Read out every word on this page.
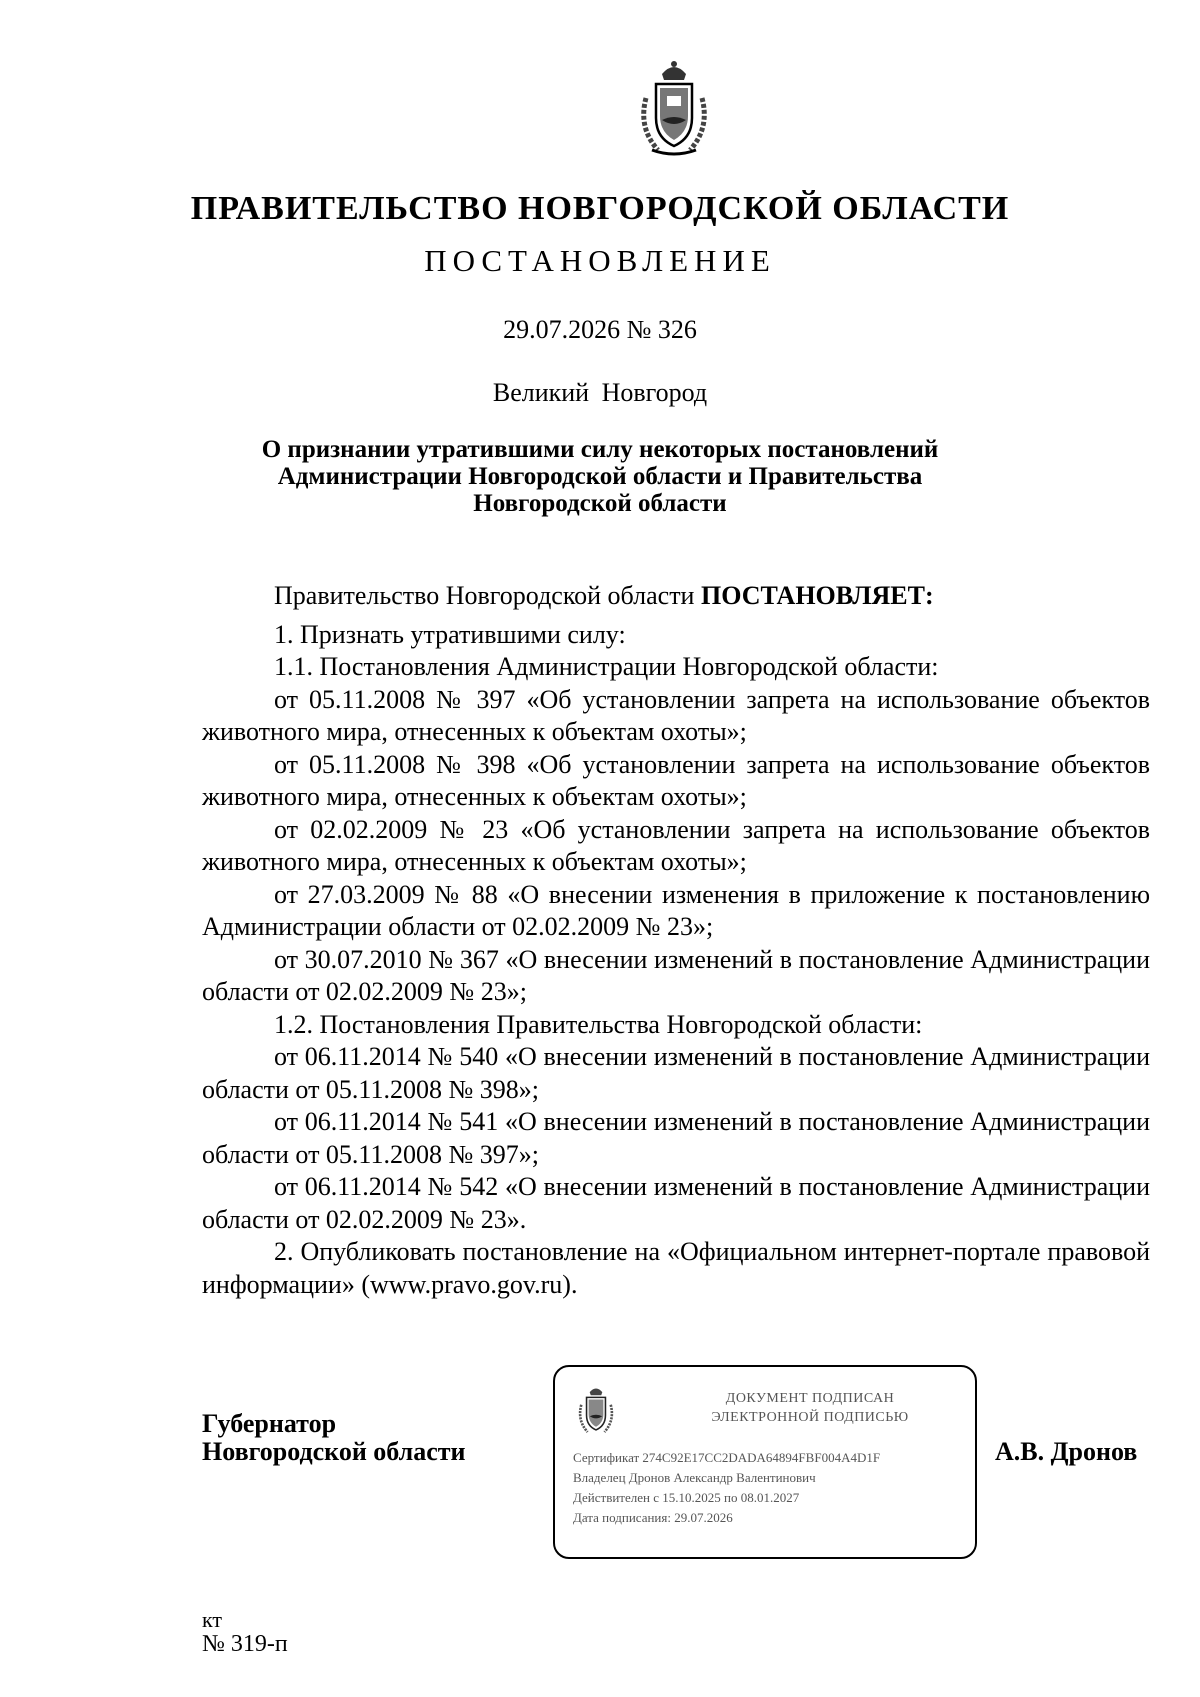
ПРАВИТЕЛЬСТВО НОВГОРОДСКОЙ ОБЛАСТИ
ПОСТАНОВЛЕНИЕ
29.07.2026 № 326
Великий Новгород
О признании утратившими силу некоторых постановлений
Администрации Новгородской области и Правительства
Новгородской области

Правительство Новгородской области ПОСТАНОВЛЯЕТ:

1. Признать утратившими силу:

1.1. Постановления Администрации Новгородской области:

от 05.11.2008 № 397 «Об установлении запрета на использование объектов животного мира, отнесенных к объектам охоты»;

от 05.11.2008 № 398 «Об установлении запрета на использование объектов животного мира, отнесенных к объектам охоты»;

от 02.02.2009 № 23 «Об установлении запрета на использование объектов животного мира, отнесенных к объектам охоты»;

от 27.03.2009 № 88 «О внесении изменения в приложение к постановлению Администрации области от 02.02.2009 № 23»;

от 30.07.2010 № 367 «О внесении изменений в постановление Администрации области от 02.02.2009 № 23»;

1.2. Постановления Правительства Новгородской области:

от 06.11.2014 № 540 «О внесении изменений в постановление Администрации области от 05.11.2008 № 398»;

от 06.11.2014 № 541 «О внесении изменений в постановление Администрации области от 05.11.2008 № 397»;

от 06.11.2014 № 542 «О внесении изменений в постановление Администрации области от 02.02.2009 № 23».

2. Опубликовать постановление на «Официальном интернет-портале правовой информации» (www.pravo.gov.ru).

Губернатор
Новгородской области
ДОКУМЕНТ ПОДПИСАН
ЭЛЕКТРОННОЙ ПОДПИСЬЮ
Сертификат 274C92E17CC2DADA64894FBF004A4D1F
Владелец Дронов Александр Валентинович
Действителен с 15.10.2025 по 08.01.2027
Дата подписания: 29.07.2026
А.В. Дронов
кт
№ 319-п
